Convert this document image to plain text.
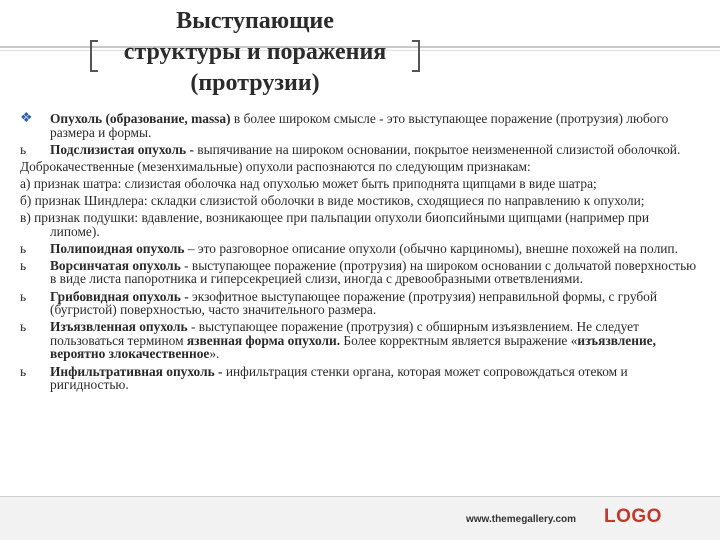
Выступающие
структуры и поражения
(протрузии)
❖	Опухоль (образование, massa) в более широком смысле - это выступающее поражение (протрузия) любого размера и формы.
ь	Подслизистая опухоль - выпячивание на широком основании, покрытое неизмененной слизистой оболочкой.
Доброкачественные (мезенхимальные) опухоли распознаются по следующим признакам:
а) признак шатра: слизистая оболочка над опухолью может быть приподнята щипцами в виде шатра;
б) признак Шиндлера: складки слизистой оболочки в виде мостиков, сходящиеся по направлению к опухоли;
в) признак подушки: вдавление, возникающее при пальпации опухоли биопсийными щипцами (например при липоме).
ь	Полипоидная опухоль – это разговорное описание опухоли (обычно карциномы), внешне похожей на полип.
ь	Ворсинчатая опухоль - выступающее поражение (протрузия) на широком основании с дольчатой поверхностью в виде листа папоротника и гиперсекрецией слизи, иногда с древообразными ответвлениями.
ь	Грибовидная опухоль - экзофитное выступающее поражение (протрузия) неправильной формы, с грубой (бугристой) поверхностью, часто значительного размера.
ь	Изъязвленная опухоль - выступающее поражение (протрузия) с обширным изъязвлением. Не следует пользоваться термином язвенная форма опухоли. Более корректным является выражение «изъязвление, вероятно злокачественное».
ь	Инфильтративная опухоль - инфильтрация стенки органа, которая может сопровождаться отеком и ригидностью.
www.themegallery.com LOGO
